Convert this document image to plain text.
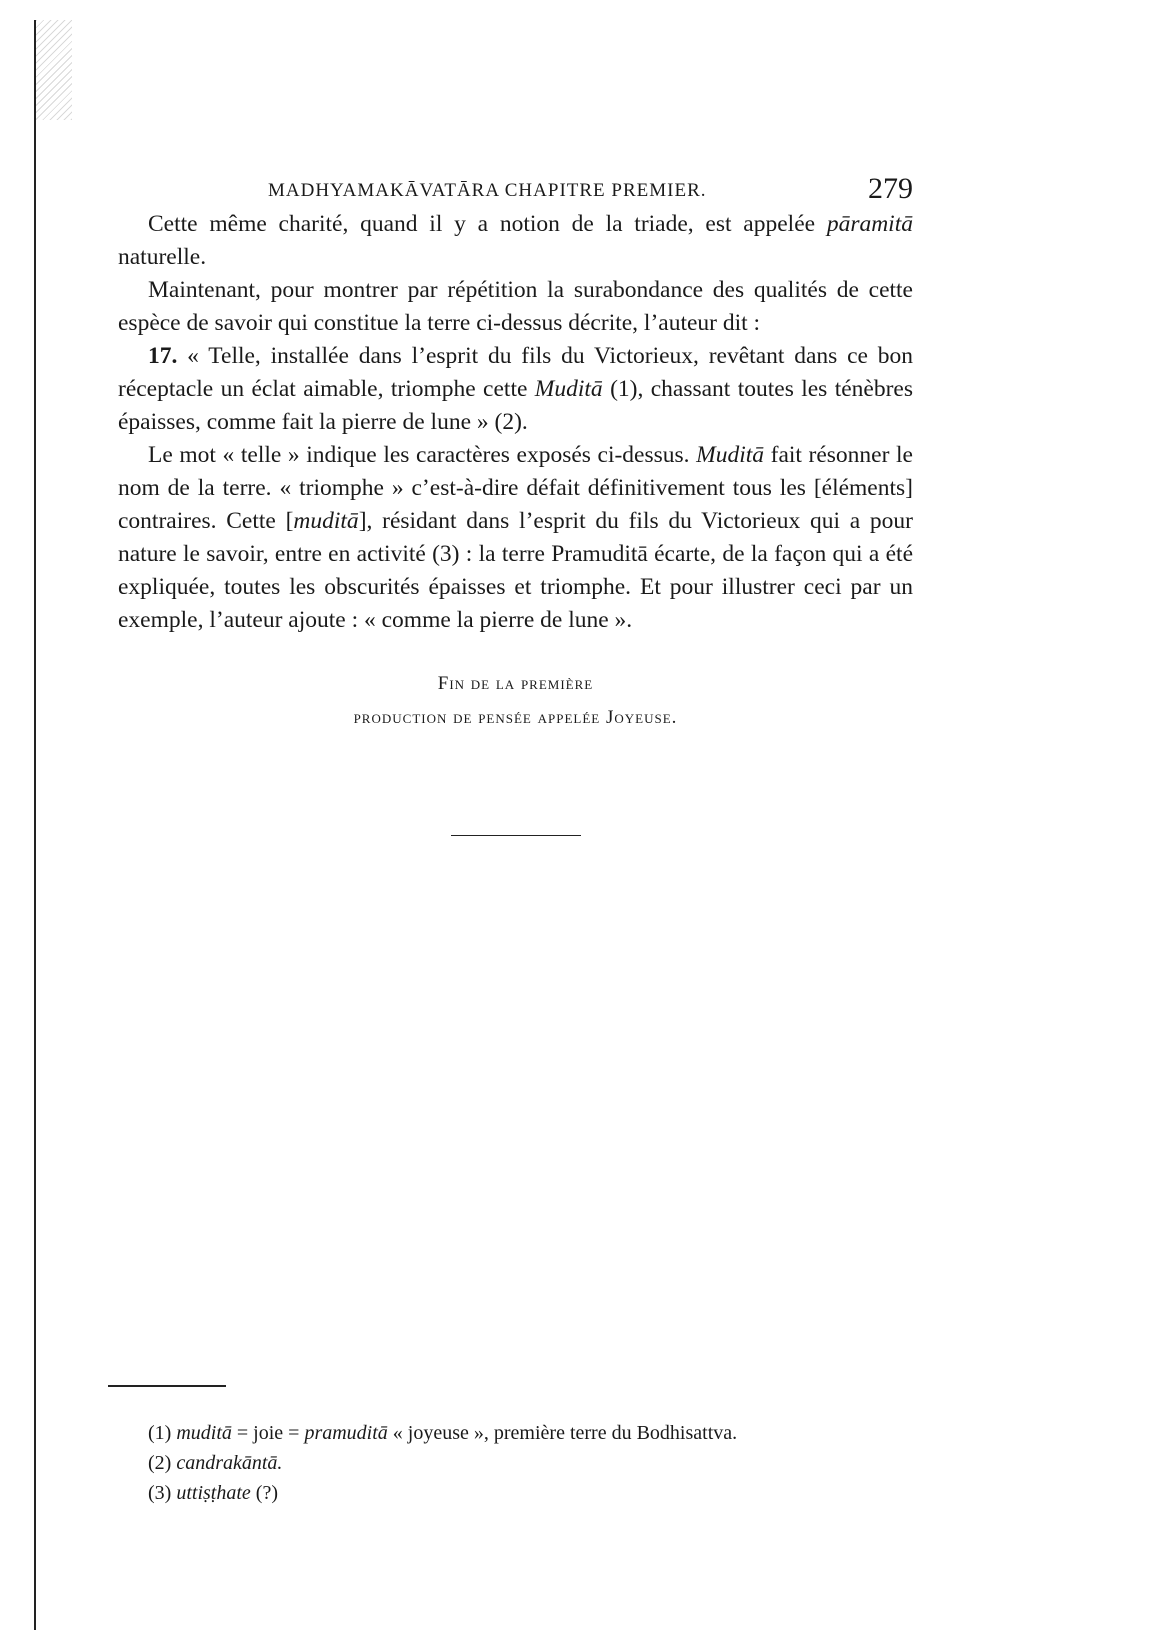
MADHYAMAKĀVATĀRA CHAPITRE PREMIER.	279

Cette même charité, quand il y a notion de la triade, est appelée pāramitā naturelle.

Maintenant, pour montrer par répétition la surabondance des qualités de cette espèce de savoir qui constitue la terre ci-dessus décrite, l’auteur dit :

17. « Telle, installée dans l’esprit du fils du Victorieux, revêtant dans ce bon réceptacle un éclat aimable, triomphe cette Muditā (1), chassant toutes les ténèbres épaisses, comme fait la pierre de lune » (2).

Le mot « telle » indique les caractères exposés ci-dessus. Muditā fait résonner le nom de la terre. « triomphe » c’est-à-dire défait définitivement tous les [éléments] contraires. Cette [muditā], résidant dans l’esprit du fils du Victorieux qui a pour nature le savoir, entre en activité (3) : la terre Pramuditā écarte, de la façon qui a été expliquée, toutes les obscurités épaisses et triomphe. Et pour illustrer ceci par un exemple, l’auteur ajoute : « comme la pierre de lune ».

Fin de la première
production de pensée appelée Joyeuse.

(1) muditā = joie = pramuditā « joyeuse », première terre du Bodhisattva.

(2) candrakāntā.

(3) uttiṣṭhate (?)
